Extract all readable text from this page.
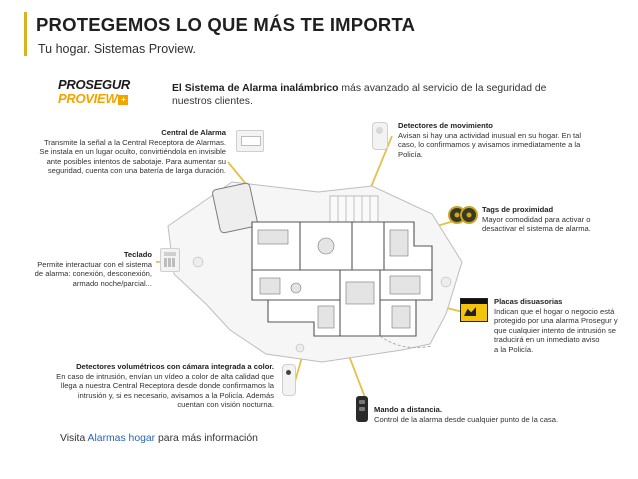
PROTEGEMOS LO QUE MÁS TE IMPORTA
Tu hogar. Sistemas Proview.
PROSEGUR
PROVIEW +
El Sistema de Alarma inalámbrico más avanzado al servicio de la seguridad de nuestros clientes.
Central de Alarma
Transmite la señal a la Central Receptora de Alarmas.
Se instala en un lugar oculto, convirtiéndola en invisible
ante posibles intentos de sabotaje. Para aumentar su
seguridad, cuenta con una batería de larga duración.
Detectores de movimiento
Avisan si hay una actividad inusual en su hogar. En tal
caso, lo confirmamos y avisamos inmediatamente a la
Policía.
Tags de proximidad
Mayor comodidad para activar o
desactivar el sistema de alarma.
Teclado
Permite interactuar con el sistema
de alarma: conexión, desconexión,
armado noche/parcial...
Placas disuasorias
Indican que el hogar o negocio está
protegido por una alarma Prosegur y
que cualquier intento de intrusión se
traducirá en un inmediato aviso
a la Policía.
Detectores volumétricos con cámara integrada a color.
En caso de intrusión, envían un vídeo a color de alta calidad que
llega a nuestra Central Receptora desde donde confirmamos la
intrusión y, si es necesario, avisamos a la Policía. Además
cuentan con visión nocturna.
Mando a distancia.
Control de la alarma desde cualquier punto de la casa.
Visita Alarmas hogar para más información
